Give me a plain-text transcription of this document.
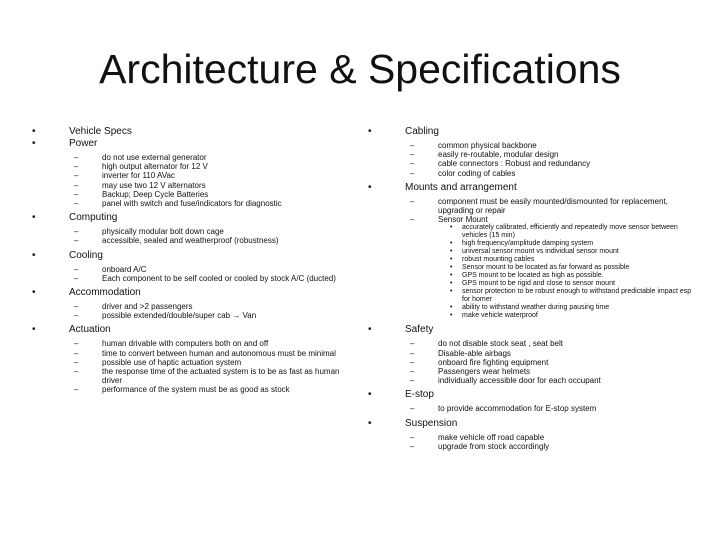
Architecture & Specifications
•	Vehicle Specs
•	Power
–	do not use external generator
–	high output alternator for 12 V
–	inverter for 110 AVac
–	may use two 12 V alternators
–	Backup; Deep Cycle Batteries
–	panel with switch and fuse/indicators for diagnostic
•	Computing
–	physically modular bolt down cage
–	accessible, sealed and weatherproof (robustness)
•	Cooling
–	onboard A/C
–	Each component to be self cooled or cooled by stock A/C (ducted)
•	Accommodation
–	driver and >2 passengers
–	possible extended/double/super cab → Van
•	Actuation
–	human drivable with computers both on and off
–	time to convert between human and autonomous must be minimal
–	possible use of haptic actuation system
–	the response time of the actuated system is to be as fast as human driver
–	performance of the system must be as good as stock
•	Cabling
–	common physical backbone
–	easily re-routable, modular design
–	cable connectors : Robust and redundancy
–	color coding of cables
•	Mounts and arrangement
–	component must be easily mounted/dismounted for replacement, upgrading or repair
–	Sensor Mount
• accurately calibrated, efficiently and repeatedly move sensor between vehicles (15 min)
• high frequency/amplitude damping system
• universal sensor mount vs individual sensor mount
• robust mounting cables
• Sensor mount to be located as far forward as possible
• GPS mount to be located as high as possible.
• GPS mount to be rigid and close to sensor mount
• sensor protection to be robust enough to withstand predictable impact esp for homer
• ability to withstand weather during pausing time
• make vehicle waterproof
•	Safety
–	do not disable stock seat , seat belt
–	Disable-able airbags
–	onboard fire fighting equipment
–	Passengers wear helmets
–	individually accessible door for each occupant
•	E-stop
–	to provide accommodation for E-stop system
•	Suspension
–	make vehicle off road capable
–	upgrade from stock accordingly
